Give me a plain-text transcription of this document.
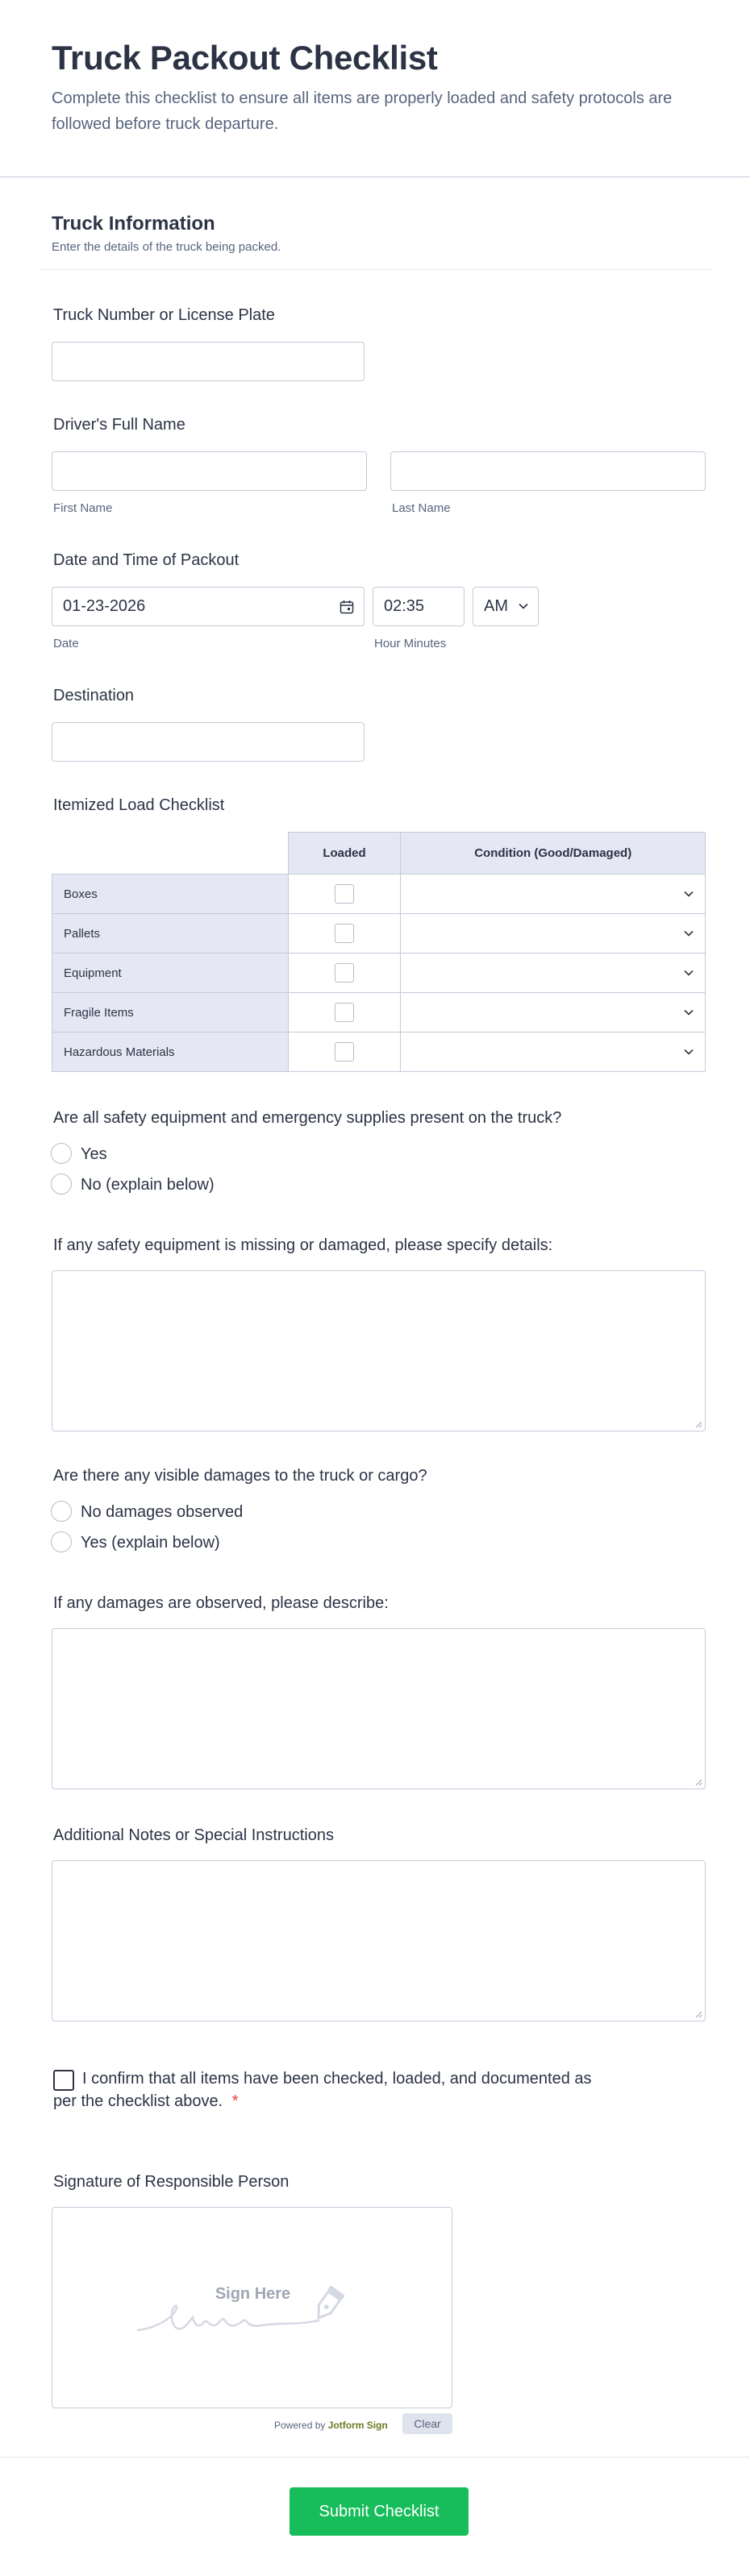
Truck Packout Checklist
Complete this checklist to ensure all items are properly loaded and safety protocols are followed before truck departure.
Truck Information
Enter the details of the truck being packed.
Truck Number or License Plate
Driver's Full Name
First Name	Last Name
Date and Time of Packout
01-23-2026	02:35	AM
Date	Hour Minutes
Destination
Itemized Load Checklist
	Loaded	Condition (Good/Damaged)
Boxes	

Pallets	

Equipment	

Fragile Items	

Hazardous Materials	

Are all safety equipment and emergency supplies present on the truck?
Yes
No (explain below)
If any safety equipment is missing or damaged, please specify details:
Are there any visible damages to the truck or cargo?
No damages observed
Yes (explain below)
If any damages are observed, please describe:
Additional Notes or Special Instructions
I confirm that all items have been checked, loaded, and documented as
per the checklist above. *
Signature of Responsible Person
Sign Here
Powered by Jotform Sign	Clear
Submit Checklist
